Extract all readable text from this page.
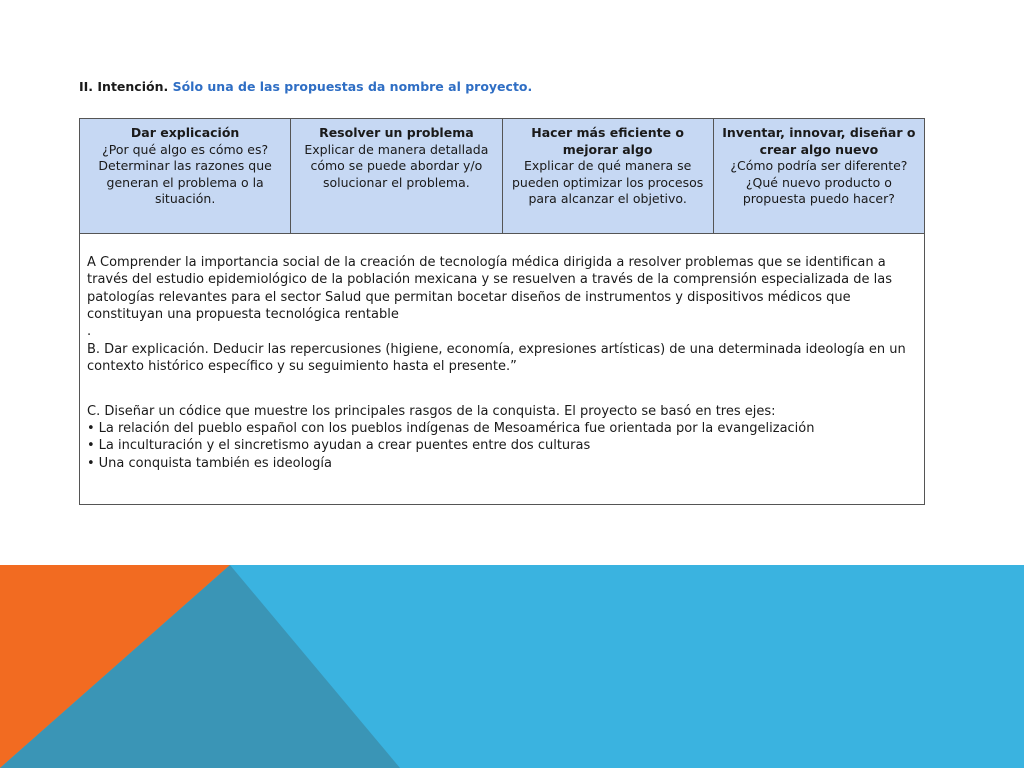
II. Intención. Sólo una de las propuestas da nombre al proyecto.
Dar explicación
¿Por qué algo es cómo es? Determinar las razones que generan el problema o la situación.
Resolver un problema
Explicar de manera detallada cómo se puede abordar y/o solucionar el problema.
Hacer más eficiente o mejorar algo
Explicar de qué manera se pueden optimizar los procesos para alcanzar el objetivo.
Inventar, innovar, diseñar o crear algo nuevo
¿Cómo podría ser diferente? ¿Qué nuevo producto o propuesta puedo hacer?

A Comprender la importancia social de la creación de tecnología médica dirigida a resolver problemas que se identifican a través del estudio epidemiológico de la población mexicana y se resuelven a través de la comprensión especializada de las patologías relevantes para el sector Salud que permitan bocetar diseños de instrumentos y dispositivos médicos que constituyan una propuesta tecnológica rentable

.

B. Dar explicación. Deducir las repercusiones (higiene, economía, expresiones artísticas) de una determinada ideología en un contexto histórico específico y su seguimiento hasta el presente.”

C. Diseñar un códice que muestre los principales rasgos de la conquista. El proyecto se basó en tres ejes:

• La relación del pueblo español con los pueblos indígenas de Mesoamérica fue orientada por la evangelización
• La inculturación y el sincretismo ayudan a crear puentes entre dos culturas
• Una conquista también es ideología
